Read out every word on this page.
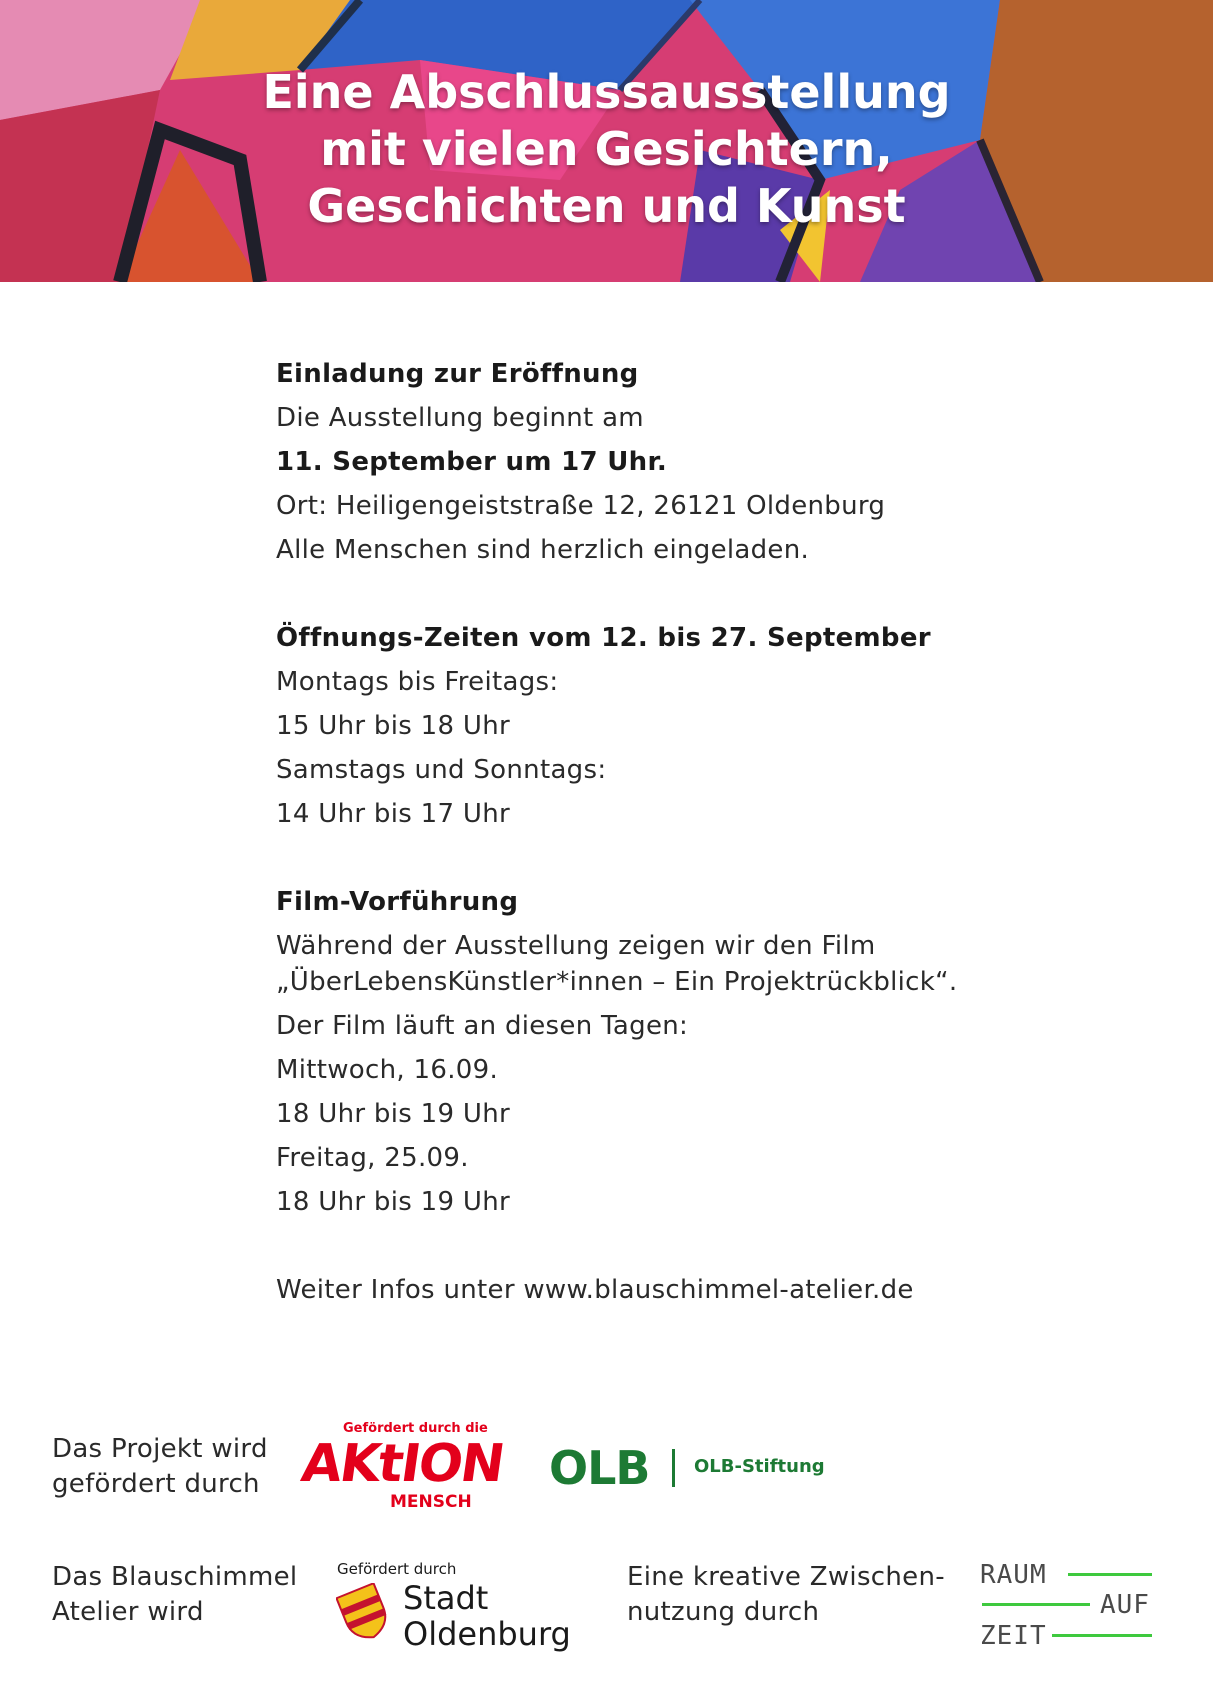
Eine Abschlussausstellung
mit vielen Gesichtern,
Geschichten und Kunst

Einladung zur Eröffnung

Die Ausstellung beginnt am

11. September um 17 Uhr.

Ort: Heiligengeiststraße 12, 26121 Oldenburg

Alle Menschen sind herzlich eingeladen.

Öffnungs-Zeiten vom 12. bis 27. September

Montags bis Freitags:

15 Uhr bis 18 Uhr

Samstags und Sonntags:

14 Uhr bis 17 Uhr

Film-Vorführung

Während der Ausstellung zeigen wir den Film

„ÜberLebensKünstler*innen – Ein Projektrückblick“.

Der Film läuft an diesen Tagen:

Mittwoch, 16.09.

18 Uhr bis 19 Uhr

Freitag, 25.09.

18 Uhr bis 19 Uhr

Weiter Infos unter www.blauschimmel-atelier.de

Das Projekt wird
gefördert durch
Gefördert durch die
AKtION
MENSCH
OLB OLB-Stiftung
Das Blauschimmel
Atelier wird
Gefördert durch
Stadt
Oldenburg
Eine kreative Zwischen-
nutzung durch
RAUM
AUF
ZEIT
